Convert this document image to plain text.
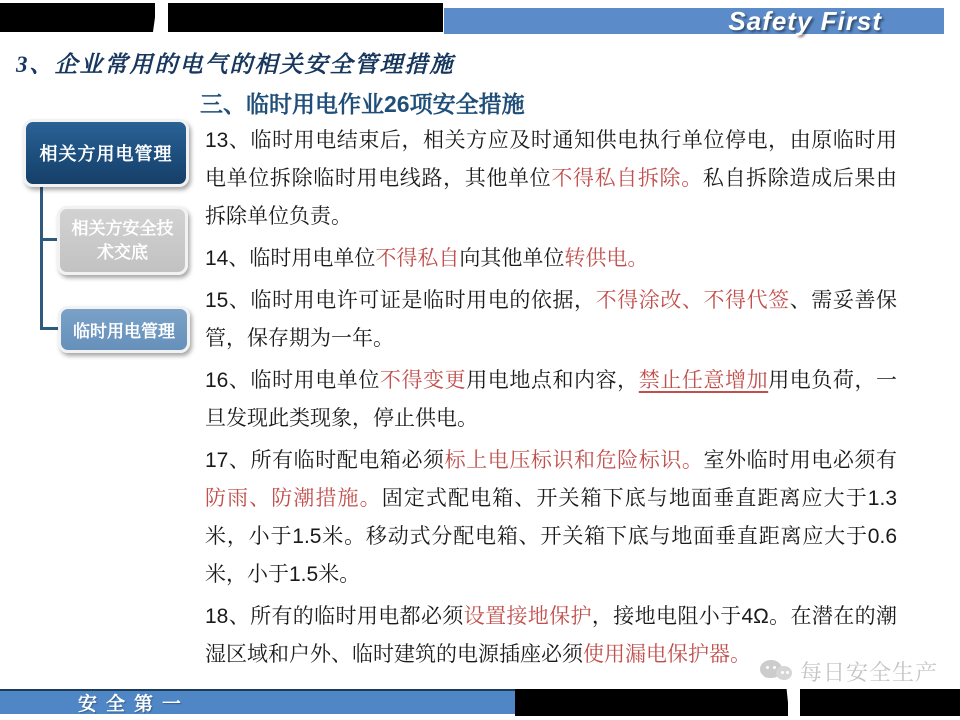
Safety First
3、企业常用的电气的相关安全管理措施
三、临时用电作业26项安全措施
相关方用电管理
相关方安全技术交底
临时用电管理

13、临时用电结束后，相关方应及时通知供电执行单位停电，由原临时用电单位拆除临时用电线路，其他单位不得私自拆除。私自拆除造成后果由拆除单位负责。

14、临时用电单位不得私自向其他单位转供电。

15、临时用电许可证是临时用电的依据，不得涂改、不得代签、需妥善保管，保存期为一年。

16、临时用电单位不得变更用电地点和内容，禁止任意增加用电负荷，一旦发现此类现象，停止供电。

17、所有临时配电箱必须标上电压标识和危险标识。室外临时用电必须有防雨、防潮措施。固定式配电箱、开关箱下底与地面垂直距离应大于1.3米，小于1.5米。移动式分配电箱、开关箱下底与地面垂直距离应大于0.6米，小于1.5米。

18、所有的临时用电都必须设置接地保护，接地电阻小于4Ω。在潜在的潮湿区域和户外、临时建筑的电源插座必须使用漏电保护器。

每日安全生产
安全第一
